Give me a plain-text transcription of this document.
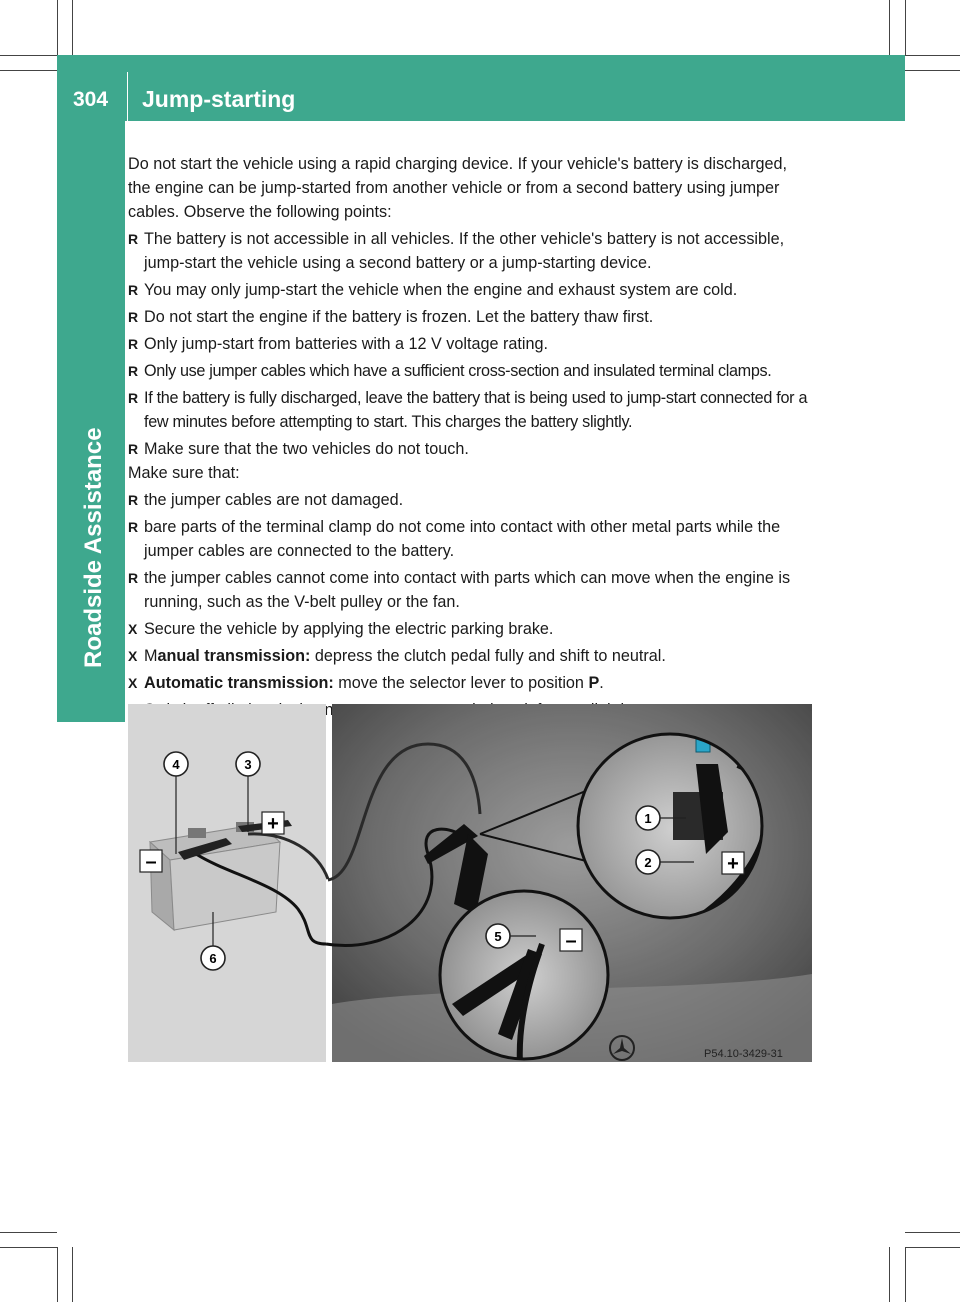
304 Jump-starting
Roadside Assistance

Do not start the vehicle using a rapid charging device. If your vehicle's battery is discharged, the engine can be jump-started from another vehicle or from a second battery using jumper cables. Observe the following points:

R The battery is not accessible in all vehicles. If the other vehicle's battery is not accessible, jump-start the vehicle using a second battery or a jump-starting device.
R You may only jump-start the vehicle when the engine and exhaust system are cold.
R Do not start the engine if the battery is frozen. Let the battery thaw first.
R Only jump-start from batteries with a 12 V voltage rating.
R Only use jumper cables which have a sufficient cross-section and insulated terminal clamps.
R If the battery is fully discharged, leave the battery that is being used to jump-start connected for a few minutes before attempting to start. This charges the battery slightly.
R Make sure that the two vehicles do not touch.

Make sure that:

R the jumper cables are not damaged.
R bare parts of the terminal clamp do not come into contact with other metal parts while the jumper cables are connected to the battery.
R the jumper cables cannot come into contact with parts which can move when the engine is running, such as the V-belt pulley or the fan.
X Secure the vehicle by applying the electric parking brake.
X Manual transmission: depress the clutch pedal fully and shift to neutral.
X Automatic transmission: move the selector lever to position P.
4	3
6
1
2
5
+
–	+
–
P54.10-3429-31
